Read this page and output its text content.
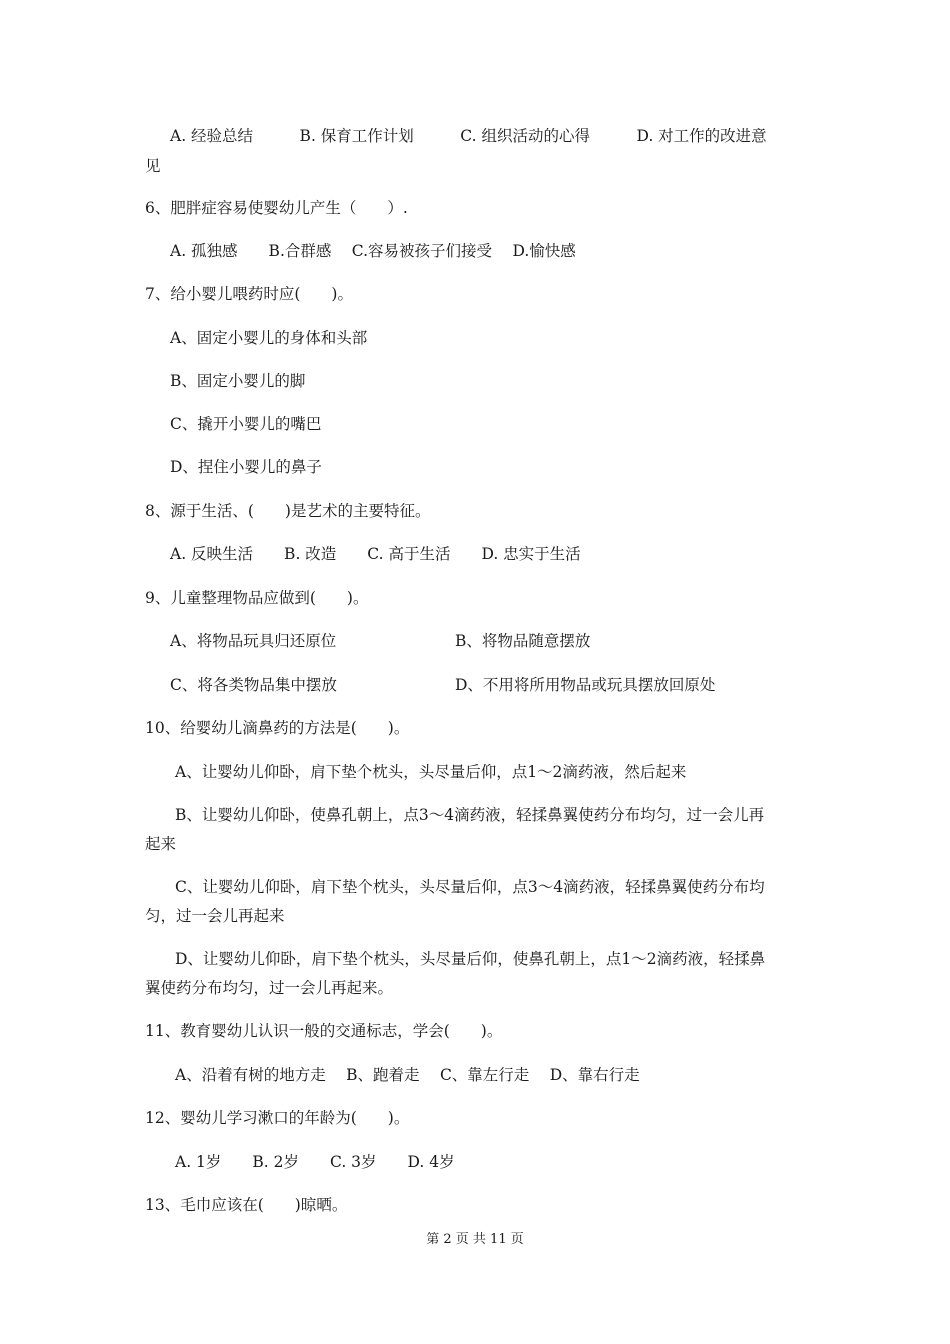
A. 经验总结　　　B. 保育工作计划　　　C. 组织活动的心得　　　D. 对工作的改进意
见
6、肥胖症容易使婴幼儿产生（　　）.
A. 孤独感　　B.合群感　 C.容易被孩子们接受　 D.愉快感
7、给小婴儿喂药时应(　　)。
A、固定小婴儿的身体和头部
B、固定小婴儿的脚
C、撬开小婴儿的嘴巴
D、捏住小婴儿的鼻子
8、源于生活、(　　)是艺术的主要特征。
A. 反映生活　　B. 改造　　C. 高于生活　　D. 忠实于生活
9、儿童整理物品应做到(　　)。
A、将物品玩具归还原位	B、将物品随意摆放
C、将各类物品集中摆放	D、不用将所用物品或玩具摆放回原处
10、给婴幼儿滴鼻药的方法是(　　)。
A、让婴幼儿仰卧，肩下垫个枕头，头尽量后仰，点1～2滴药液，然后起来
B、让婴幼儿仰卧，使鼻孔朝上，点3～4滴药液，轻揉鼻翼使药分布均匀，过一会儿再
起来
C、让婴幼儿仰卧，肩下垫个枕头，头尽量后仰，点3～4滴药液，轻揉鼻翼使药分布均
匀，过一会儿再起来
D、让婴幼儿仰卧，肩下垫个枕头，头尽量后仰，使鼻孔朝上，点1～2滴药液，轻揉鼻
翼使药分布均匀，过一会儿再起来。
11、教育婴幼儿认识一般的交通标志，学会(　　)。
A、沿着有树的地方走　 B、跑着走　 C、靠左行走　 D、靠右行走
12、婴幼儿学习漱口的年龄为(　　)。
A. 1岁　　B. 2岁　　C. 3岁　　D. 4岁
13、毛巾应该在(　　)晾晒。
第 2 页 共 11 页
